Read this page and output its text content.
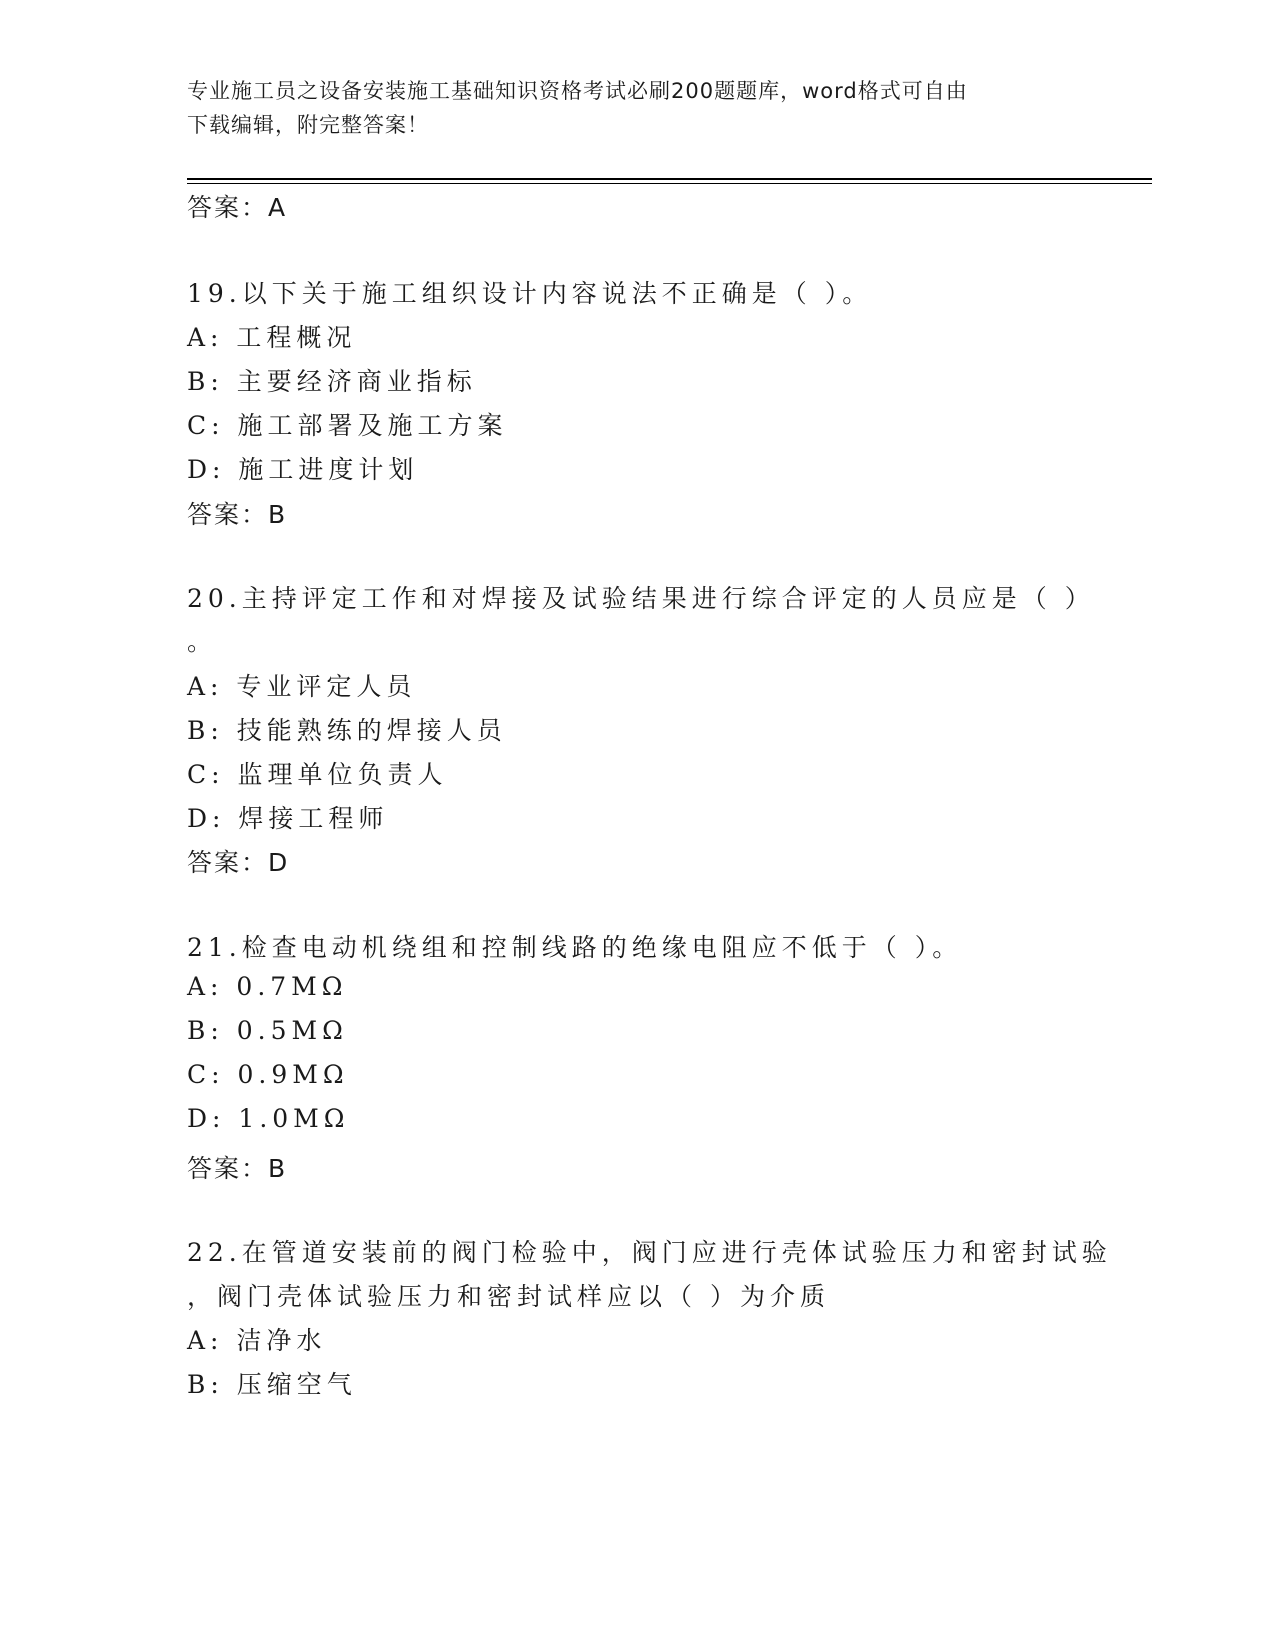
专业施工员之设备安装施工基础知识资格考试必刷200题题库，word格式可自由
下载编辑，附完整答案！
答案：A
19.以下关于施工组织设计内容说法不正确是（ ）。
A: 工程概况
B: 主要经济商业指标
C: 施工部署及施工方案
D: 施工进度计划
答案：B
20.主持评定工作和对焊接及试验结果进行综合评定的人员应是（ ）
。
A: 专业评定人员
B: 技能熟练的焊接人员
C: 监理单位负责人
D: 焊接工程师
答案：D
21.检查电动机绕组和控制线路的绝缘电阻应不低于（ ）。
A: 0.7MΩ
B: 0.5MΩ
C: 0.9MΩ
D: 1.0MΩ
答案：B
22.在管道安装前的阀门检验中，阀门应进行壳体试验压力和密封试验
，阀门壳体试验压力和密封试样应以（ ）为介质
A: 洁净水
B: 压缩空气
